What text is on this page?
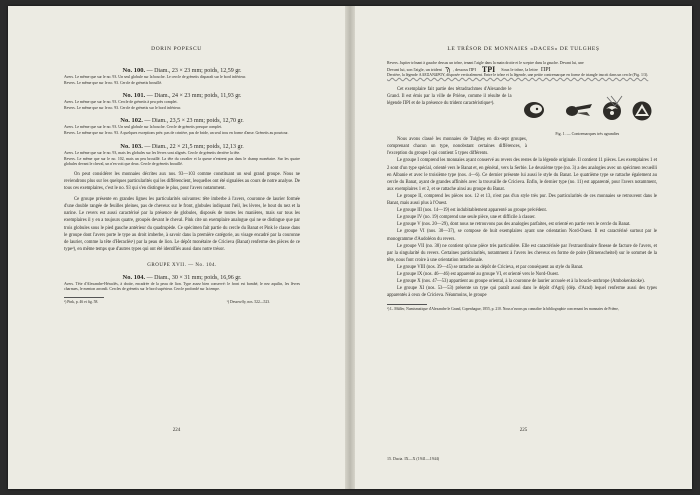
DORIN POPESCU
No. 100. — Diam., 23 × 23 mm; poids, 12,59 gr.

Avers. Le même que sur le no. 93. Un seul globule sur la bouche. Le cercle de grènetis disparaît sur le bord inférieur.

Revers. Le même que sur le no. 93. Cercle de grènetis brouillé.

No. 101. — Diam., 24 × 23 mm; poids, 11,93 gr.

Avers. Le même que sur le no. 93. Cercle de grènetis à peu près complet.

Revers. Le même que sur le no. 93. Cercle de grènetis sur le bord inférieur.

No. 102. — Diam., 23,5 × 23 mm; poids, 12,70 gr.

Avers. Le même que sur le no. 93. Un seul globule sur la bouche. Cercle de grènetis presque complet.

Revers. Le même que sur le no. 93. A quelques exceptions près: pas de crinière, pas de bride, un seul trou en forme d'anse. Grènetis au pourtour.

No. 103. — Diam., 22 × 21,5 mm; poids, 12,13 gr.

Avers. Le même que sur le no. 93, mais les globules sur les lèvres sont alignés. Cercle de grènetis derrière la tête.

Revers. Le même que sur le no. 102, mais un peu brouillé. La tête du cavalier et la queue n'entrent pas dans le champ monétaire. Sur les quatre globules devant le cheval, un n'en voit que deux. Cercle de grènetis brouillé.

On peut considérer les monnaies décrites aux nos. 93—103 comme constituant un seul grand groupe. Nous ne reviendrons plus sur les quelques particularités qui les différencient, lesquelles ont été signalées au cours de notre analyse. De tous ces exemplaires, c'est le no. 93 qui s'en distingue le plus, pour l'avers notamment.

Ce groupe présente en grandes lignes les particularités suivantes: tête imberbe à l'avers, couronne de laurier formée d'une double rangée de feuilles pleines, pas de cheveux sur le front, globules indiquant l'œil, les lèvres, le bout du nez et la narine. Le revers est aussi caractérisé par la présence de globules, disposés de toutes les manières, mais sur tous les exemplaires il y en a toujours quatre, groupés devant le cheval. Pink cite un exemplaire analogue qui ne se distingue que par trois globules sous le pied gauche antérieur du quadrupède. Ce spécimen fait partie du cercle du Banat et Pink le classe dans le groupe dont l'avers porte le type au droit imberbe, à savoir dans la première catégorie, au visage encadré par la couronne de laurier, comme la tête d'Heraclès¹) par la peau de lion. Le dépôt monétaire de Cricieva (Banat) renferme des pièces de ce type²), en même temps que d'autres types qui ont été identifiés aussi dans notre trésor.

GROUPE XVII. — No. 104.
No. 104. — Diam., 30 × 31 mm; poids, 16,96 gr.

Avers. Tête d'Alexandre-Héraclès, à droite, encadrée de la peau de lion. Type assez bien conservé: le front est bombé, le nez aquilin, les lèvres charnues, le menton arrondi. Cercles de grènetis sur le bord supérieur. Cercle profondé sur la tempe.

¹) Pink, p. 46 et fig. 58.	²) Dessewffy, nos. 522—523.
224
LE TRÉSOR DE MONNAIES «DACES» DE TULGHEȘ

Revers. Jupiter trônant à gauche dessus un trône, tenant l'aigle dans la main droite et le sceptre dans la gauche. Devant lui, une

Devant lui, son l'aigle, un trident Ϡ , dessous ΠΡΙ ΤΡΙ Sous le trône, la lettre ΠΡΙ

Derrière, la légende ΑΛΕΞΑΝΔΡΟΥ, disposée verticalement. Entre le trône et la légende, une petite contremarque en forme de triangle inscrit dans un cercle (Fig. 1/3).

Cet exemplaire fait partie des tétradrachmes d'Alexandre le Grand. Il est émis par la ville de Priène, comme il résulte de la légende ΠΡΙ et de la présence du trident caractéristique¹).

Fig. 1. — Contremarques très agrandies

Nous avons classé les monnaies de Tulgheș en dix-sept groupes, comprenant chacun un type, nonobstant certaines différences, à l'exception du groupe I qui contient 5 types différents.

Le groupe I comprend les monnaies ayant conservé au revers des restes de la légende originale. Il contient 11 pièces. Les exemplaires 1 et 2 sont d'un type spécial, orienté vers le Banat et, en général, vers la Serbie. Le deuxième type (no. 3) a des analogies avec un spécimen recueilli en Albanie et avec le troisième type (nos. 4—6). Ce dernier présente lui aussi le style du Banat. Le quatrième type se rattache également au cercle du Banat, ayant de grandes affinités avec la trouvaille de Cricieva. Enfin, le dernier type (no. 11) est apparenté, pour l'avers notamment, aux exemplaires 1 et 2, et se rattache ainsi au groupe du Banat.

Le groupe II, comprend les pièces nos. 12 et 13, n'est pas d'un style très pur. Des particularités de ces monnaies se retrouvent dans le Banat, mais aussi plus à l'Ouest.

Le groupe III (nos. 14—19) est indubitablement apparenté au groupe précédent.

Le groupe IV (no. 19) comprend une seule pièce, une et difficile à classer.

Le groupe V (nos. 20—29), dont nous ne retrouvons pas des analogies parfaites, est orienté en partie vers le cercle du Banat.

Le groupe VI (nos. 30—37), se compose de huit exemplaires ayant une orientation Nord-Ouest. Il est caractérisé surtout par le monogramme d'Audoléon du revers.

Le groupe VII (no. 38) ne contient qu'une pièce très particulière. Elle est caractérisée par l'extraordinaire finesse de facture de l'avers, et par la singularité du revers. Certaines particularités, notamment à l'avers les cheveux en forme de poire (Birnenscheitel) sur le sommet de la tête, nous font croire à une orientation méridionale.

Le groupe VIII (nos. 39—45) se rattache au dépôt de Cricieva, et par conséquent au style du Banat.

Le groupe IX (nos. 46—46) est apparenté au groupe VI, et orienté vers le Nord-Ouest.

Le groupe X (nos. 47—53) appartient au groupe oriental, à la couronne de laurier accusée et à la boucle-anthrope (Ambokenknoke).

Le groupe XI (nos. 53—53) présente un type qui paraît aussi dans le dépôt d'Agrij (dép. d'Arad) lequel renferme aussi des types apparentés à ceux de Cricieva. Néanmoins, le groupe

¹) L. Müller, Numismatique d'Alexandre le Grand, Copenhague, 1855, p. 210. Nous n'avons pu connaître la bibliographie concernant les monnaies de Priène,
225
15. Dacia. IX—X (1941—1944)
